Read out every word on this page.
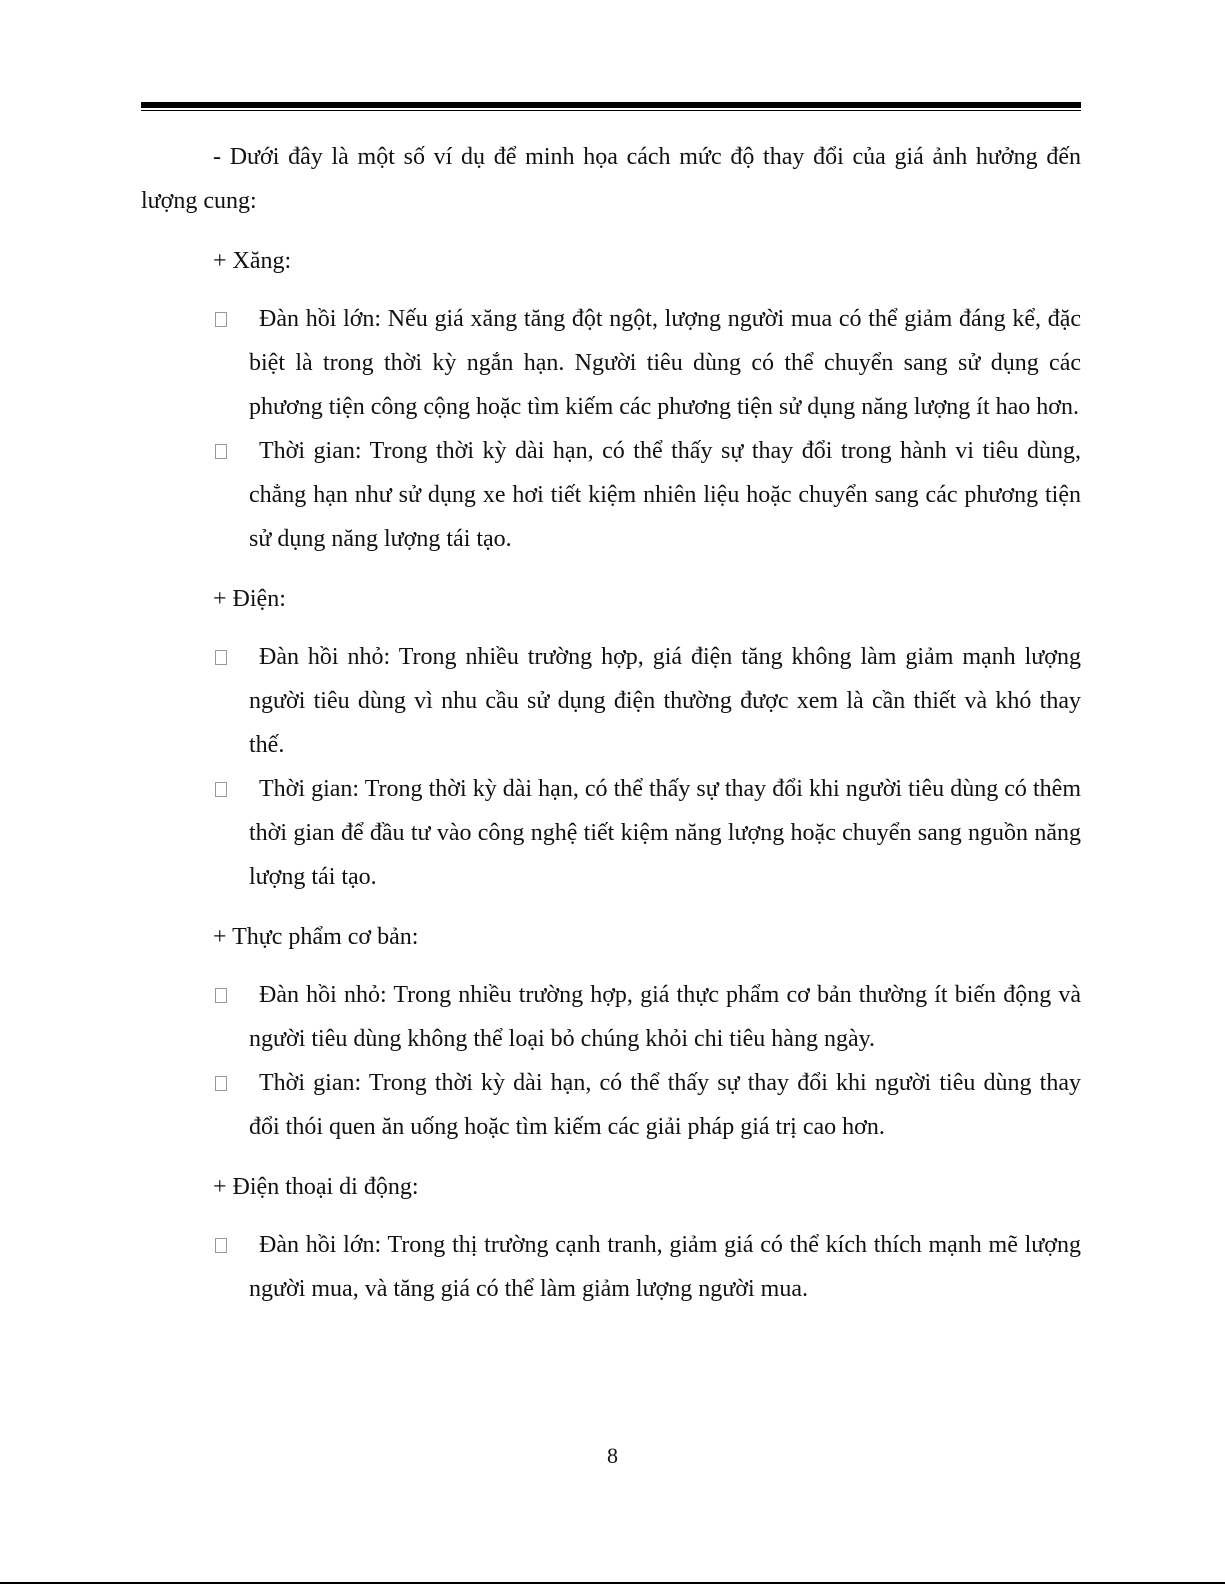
- Dưới đây là một số ví dụ để minh họa cách mức độ thay đổi của giá ảnh hưởng đến lượng cung:

+ Xăng:

Đàn hồi lớn: Nếu giá xăng tăng đột ngột, lượng người mua có thể giảm đáng kể, đặc biệt là trong thời kỳ ngắn hạn. Người tiêu dùng có thể chuyển sang sử dụng các phương tiện công cộng hoặc tìm kiếm các phương tiện sử dụng năng lượng ít hao hơn.

Thời gian: Trong thời kỳ dài hạn, có thể thấy sự thay đổi trong hành vi tiêu dùng, chẳng hạn như sử dụng xe hơi tiết kiệm nhiên liệu hoặc chuyển sang các phương tiện sử dụng năng lượng tái tạo.

+ Điện:

Đàn hồi nhỏ: Trong nhiều trường hợp, giá điện tăng không làm giảm mạnh lượng người tiêu dùng vì nhu cầu sử dụng điện thường được xem là cần thiết và khó thay thế.

Thời gian: Trong thời kỳ dài hạn, có thể thấy sự thay đổi khi người tiêu dùng có thêm thời gian để đầu tư vào công nghệ tiết kiệm năng lượng hoặc chuyển sang nguồn năng lượng tái tạo.

+ Thực phẩm cơ bản:

Đàn hồi nhỏ: Trong nhiều trường hợp, giá thực phẩm cơ bản thường ít biến động và người tiêu dùng không thể loại bỏ chúng khỏi chi tiêu hàng ngày.

Thời gian: Trong thời kỳ dài hạn, có thể thấy sự thay đổi khi người tiêu dùng thay đổi thói quen ăn uống hoặc tìm kiếm các giải pháp giá trị cao hơn.

+ Điện thoại di động:

Đàn hồi lớn: Trong thị trường cạnh tranh, giảm giá có thể kích thích mạnh mẽ lượng người mua, và tăng giá có thể làm giảm lượng người mua.

8
